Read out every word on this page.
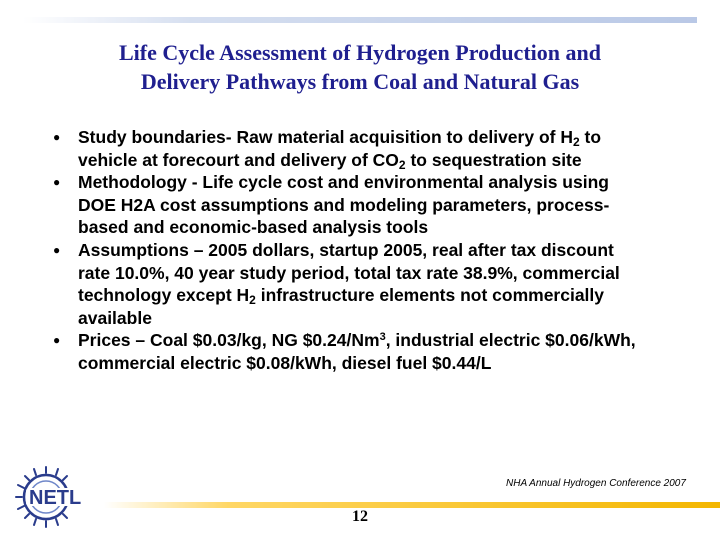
Life Cycle Assessment of Hydrogen Production and
Delivery Pathways from Coal and Natural Gas
● Study boundaries- Raw material acquisition to delivery of $H_2$ to vehicle at forecourt and delivery of $CO_2$ to sequestration site
● Methodology - Life cycle cost and environmental analysis using DOE H2A cost assumptions and modeling parameters, process-based and economic-based analysis tools
● Assumptions – 2005 dollars, startup 2005, real after tax discount rate 10.0%, 40 year study period, total tax rate 38.9%, commercial technology except $H_2$ infrastructure elements not commercially available
● Prices – Coal $0.03/kg, NG $0.24/Nm$^3$, industrial electric $0.06/kWh, commercial electric $0.08/kWh, diesel fuel $0.44/L
NETL
NHA Annual Hydrogen Conference 2007
12
